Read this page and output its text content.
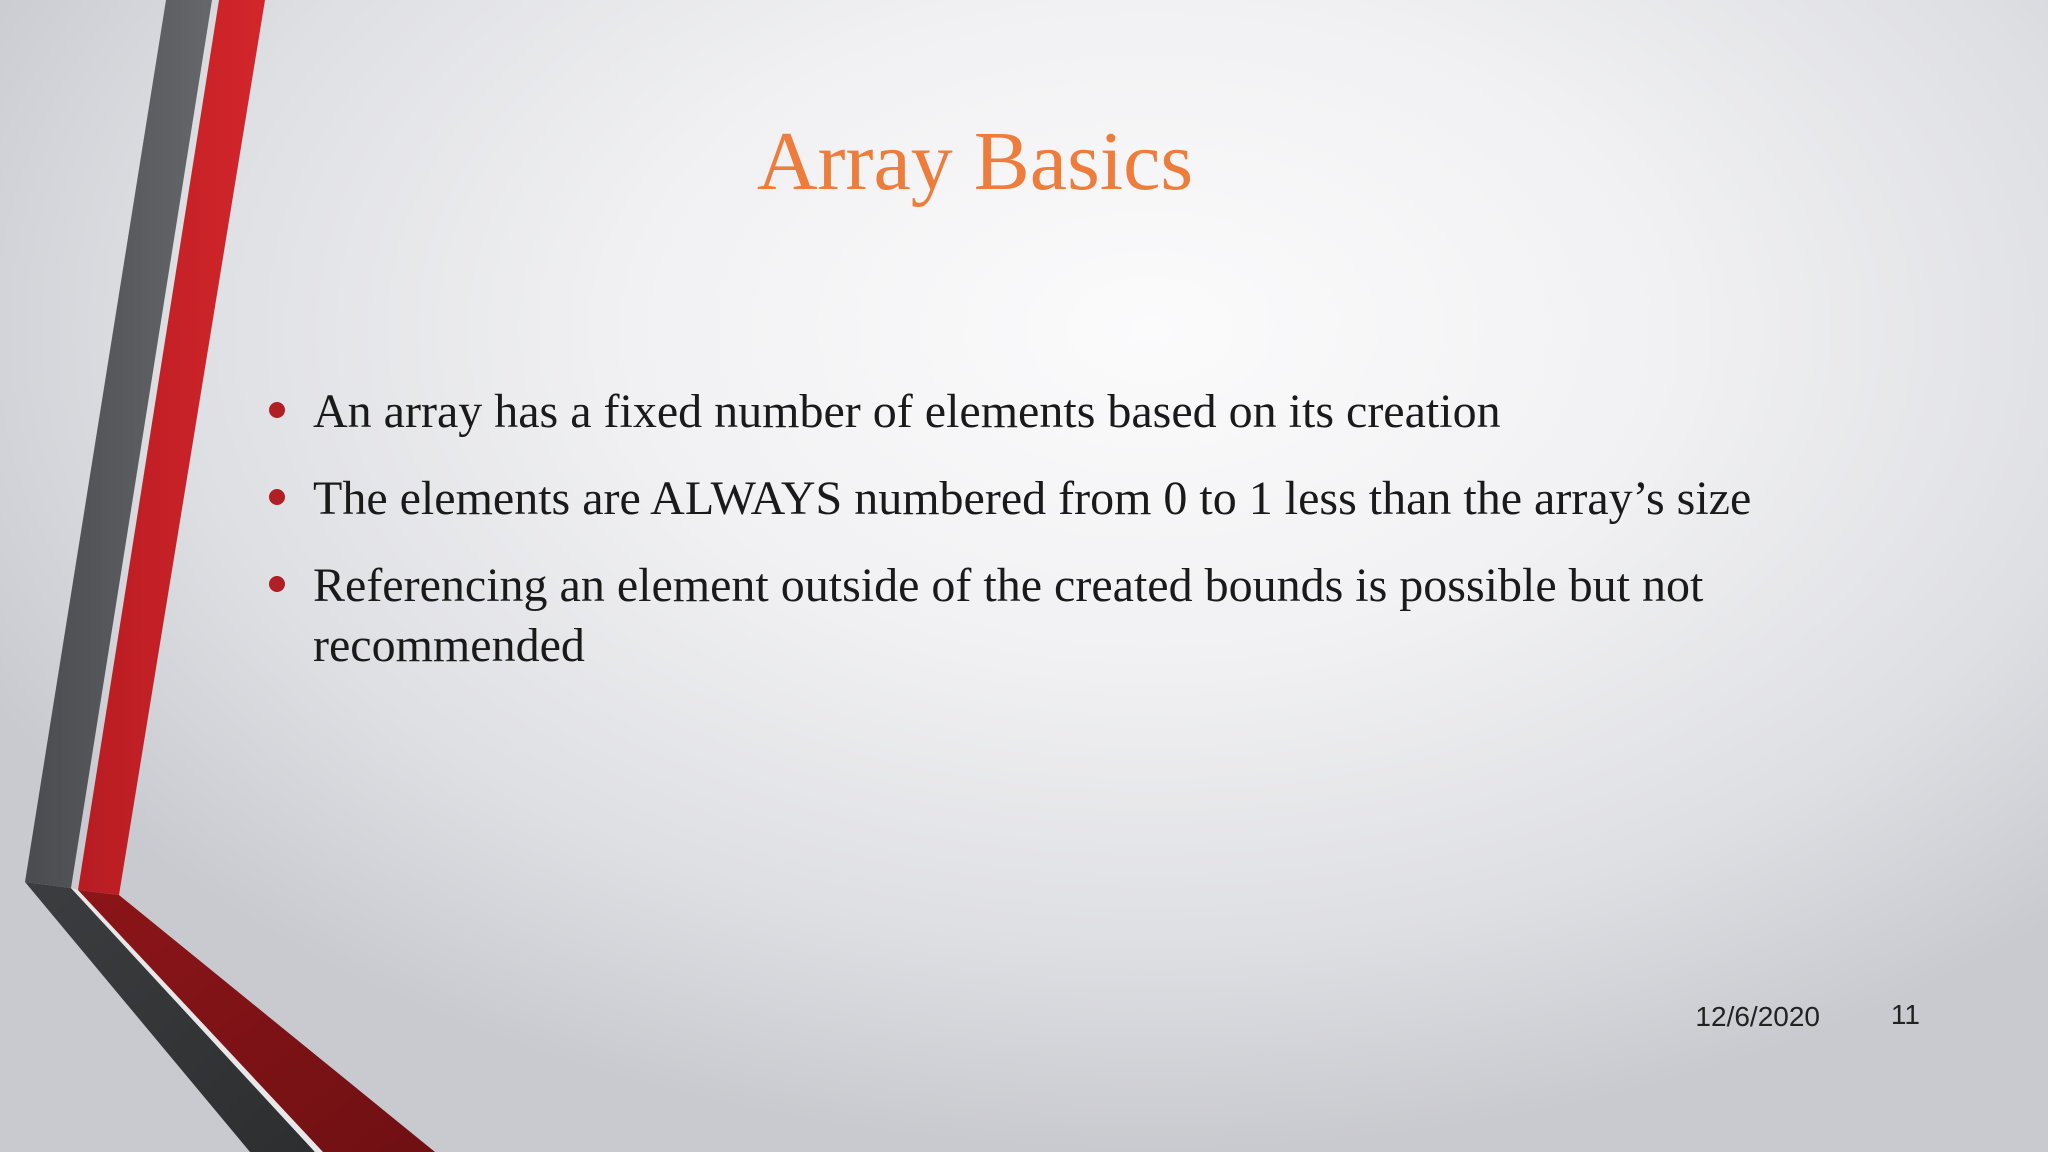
Array Basics
An array has a fixed number of elements based on its creation
The elements are ALWAYS numbered from 0 to 1 less than the array’s size
Referencing an element outside of the created bounds is possible but not recommended
12/6/2020	11
